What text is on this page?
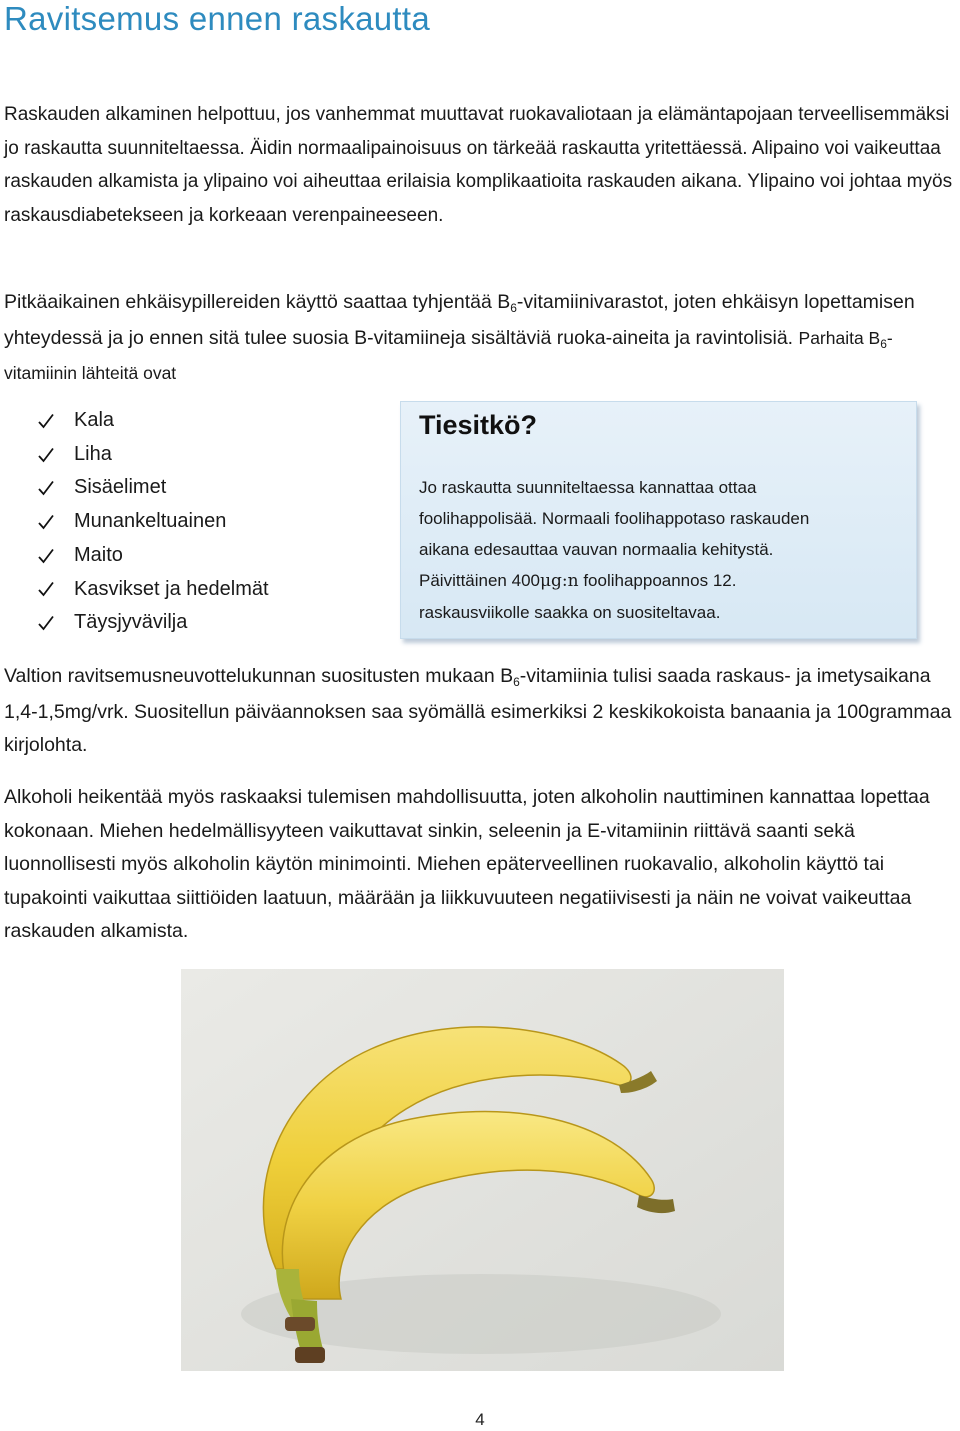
Ravitsemus ennen raskautta
Raskauden alkaminen helpottuu, jos vanhemmat muuttavat ruokavaliotaan ja elämäntapojaan terveellisemmäksi jo raskautta suunniteltaessa. Äidin normaalipainoisuus on tärkeää raskautta yritettäessä. Alipaino voi vaikeuttaa raskauden alkamista ja ylipaino voi aiheuttaa erilaisia komplikaatioita raskauden aikana. Ylipaino voi johtaa myös raskausdiabetekseen ja korkeaan verenpaineeseen.
Pitkäaikainen ehkäisypillereiden käyttö saattaa tyhjentää $B_6$-vitamiinivarastot, joten ehkäisyn lopettamisen yhteydessä ja jo ennen sitä tulee suosia B-vitamiineja sisältäviä ruoka-aineita ja ravintolisiä. Parhaita $B_6$-vitamiinin lähteitä ovat
Kala
Liha
Sisäelimet
Munankeltuainen
Maito
Kasvikset ja hedelmät
Täysjyvävilja
Tiesitkö?
Jo raskautta suunniteltaessa kannattaa ottaa
foolihappolisää. Normaali foolihappotaso raskauden
aikana edesauttaa vauvan normaalia kehitystä.
Päivittäinen 400μg:n foolihappoannos 12.
raskausviikolle saakka on suositeltavaa.
Valtion ravitsemusneuvottelukunnan suositusten mukaan $B_6$-vitamiinia tulisi saada raskaus- ja imetysaikana 1,4-1,5mg/vrk. Suositellun päiväannoksen saa syömällä esimerkiksi 2 keskikokoista banaania ja 100grammaa kirjolohta.
Alkoholi heikentää myös raskaaksi tulemisen mahdollisuutta, joten alkoholin nauttiminen kannattaa lopettaa kokonaan. Miehen hedelmällisyyteen vaikuttavat sinkin, seleenin ja E-vitamiinin riittävä saanti sekä luonnollisesti myös alkoholin käytön minimointi. Miehen epäterveellinen ruokavalio, alkoholin käyttö tai tupakointi vaikuttaa siittiöiden laatuun, määrään ja liikkuvuuteen negatiivisesti ja näin ne voivat vaikeuttaa raskauden alkamista.
4
